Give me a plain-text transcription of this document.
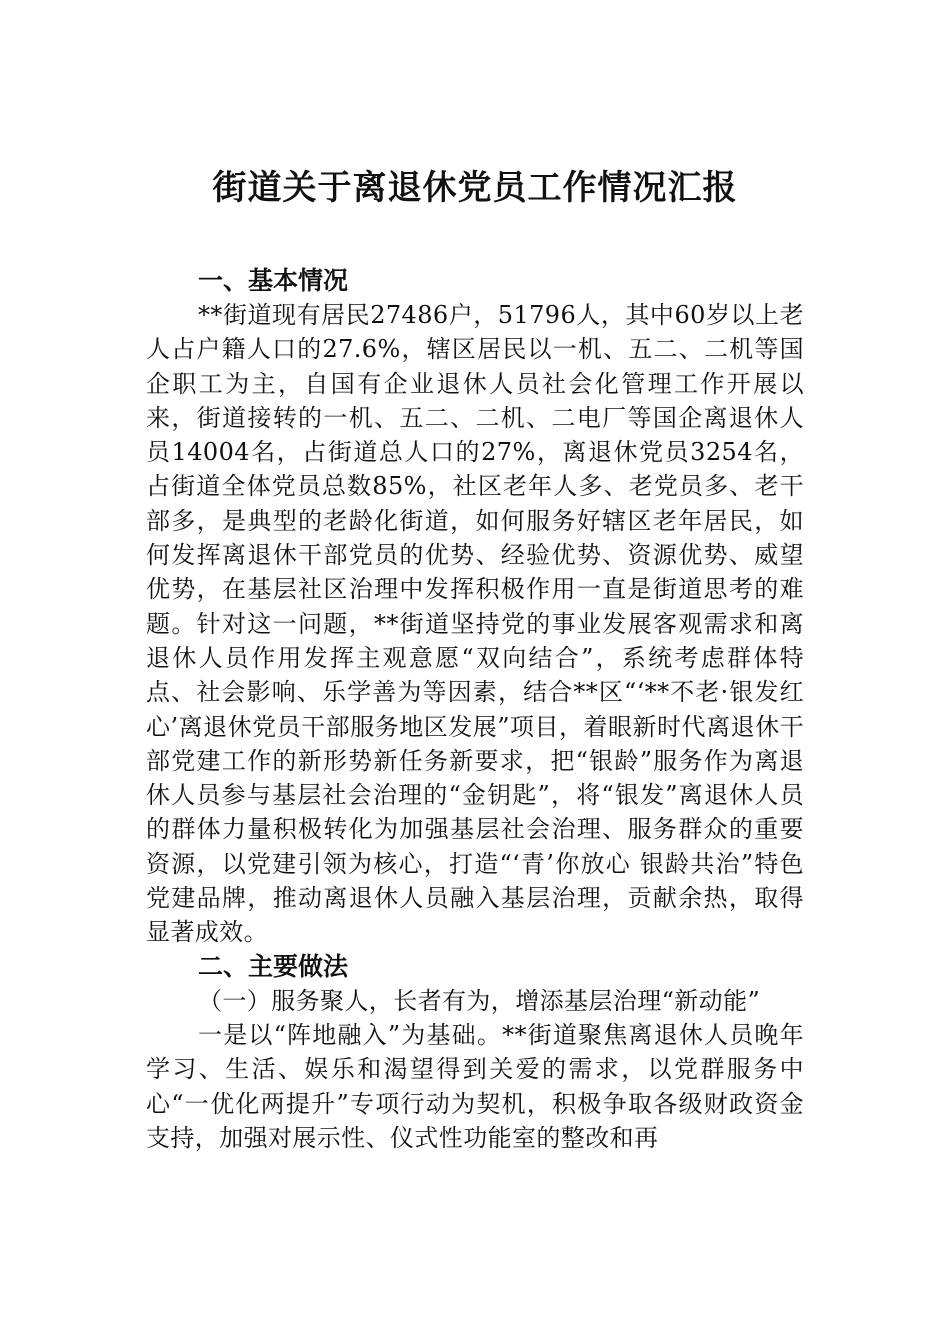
街道关于离退休党员工作情况汇报

一、基本情况

**街道现有居民27486户，51796人，其中60岁以上老人占户籍人口的27.6%，辖区居民以一机、五二、二机等国企职工为主，自国有企业退休人员社会化管理工作开展以来，街道接转的一机、五二、二机、二电厂等国企离退休人员14004名，占街道总人口的27%，离退休党员3254名，占街道全体党员总数85%，社区老年人多、老党员多、老干部多，是典型的老龄化街道，如何服务好辖区老年居民，如何发挥离退休干部党员的优势、经验优势、资源优势、威望优势，在基层社区治理中发挥积极作用一直是街道思考的难题。针对这一问题，**街道坚持党的事业发展客观需求和离退休人员作用发挥主观意愿“双向结合”，系统考虑群体特点、社会影响、乐学善为等因素，结合**区“‘**不老·银发红心’离退休党员干部服务地区发展”项目，着眼新时代离退休干部党建工作的新形势新任务新要求，把“银龄”服务作为离退休人员参与基层社会治理的“金钥匙”，将“银发”离退休人员的群体力量积极转化为加强基层社会治理、服务群众的重要资源，以党建引领为核心，打造“‘青’你放心 银龄共治”特色党建品牌，推动离退休人员融入基层治理，贡献余热，取得显著成效。

二、主要做法

（一）服务聚人，长者有为，增添基层治理“新动能”

一是以“阵地融入”为基础。**街道聚焦离退休人员晚年学习、生活、娱乐和渴望得到关爱的需求，以党群服务中心“一优化两提升”专项行动为契机，积极争取各级财政资金支持，加强对展示性、仪式性功能室的整改和再
